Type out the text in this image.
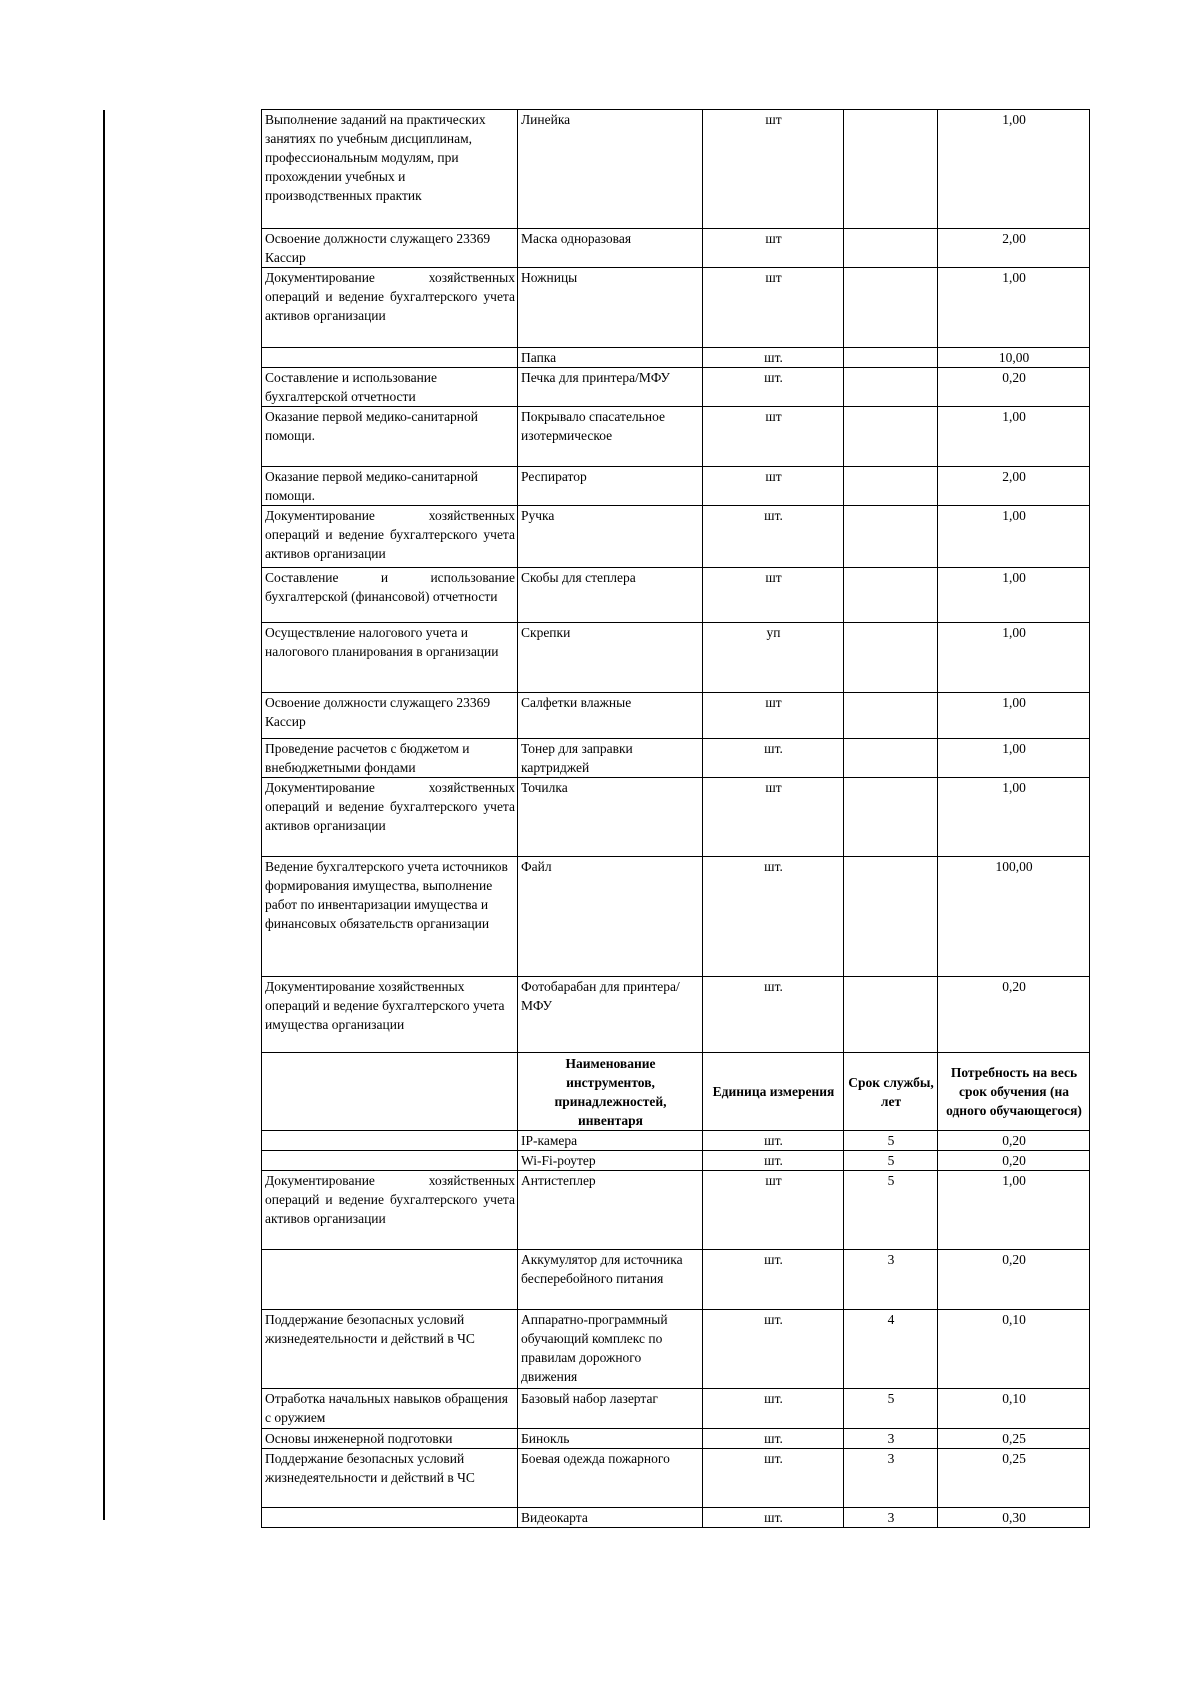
Выполнение заданий на практических занятиях по учебным дисциплинам, профессиональным модулям, при прохождении учебных и производственных практик	Линейка	шт		1,00
Освоение должности служащего 23369 Кассир	Маска одноразовая	шт		2,00
Документирование хозяйственных операций и ведение бухгалтерского учета активов организации	Ножницы	шт		1,00
	Папка	шт.		10,00
Составление и использование бухгалтерской отчетности	Печка для принтера/МФУ	шт.		0,20
Оказание первой медико-санитарной помощи.	Покрывало спасательное изотермическое	шт		1,00
Оказание первой медико-санитарной помощи.	Респиратор	шт		2,00
Документирование хозяйственных операций и ведение бухгалтерского учета активов организации	Ручка	шт.		1,00
Составление и использование бухгалтерской (финансовой) отчетности	Скобы для степлера	шт		1,00
Осуществление налогового учета и налогового планирования в организации	Скрепки	уп		1,00
Освоение должности служащего 23369 Кассир	Салфетки влажные	шт		1,00
Проведение расчетов с бюджетом и внебюджетными фондами	Тонер для заправки картриджей	шт.		1,00
Документирование хозяйственных операций и ведение бухгалтерского учета активов организации	Точилка	шт		1,00
Ведение бухгалтерского учета источников формирования имущества, выполнение работ по инвентаризации имущества и финансовых обязательств организации	Файл	шт.		100,00
Документирование хозяйственных операций и ведение бухгалтерского учета имущества организации	Фотобарабан для принтера/МФУ	шт.		0,20
	Наименование инструментов, принадлежностей, инвентаря	Единица измерения	Срок службы, лет	Потребность на весь срок обучения (на одного обучающегося)
	IP-камера	шт.	5	0,20
	Wi-Fi-роутер	шт.	5	0,20
Документирование хозяйственных операций и ведение бухгалтерского учета активов организации	Антистеплер	шт	5	1,00
	Аккумулятор для источника бесперебойного питания	шт.	3	0,20
Поддержание безопасных условий жизнедеятельности и действий в ЧС	Аппаратно-программный обучающий комплекс по правилам дорожного движения	шт.	4	0,10
Отработка начальных навыков обращения с оружием	Базовый набор лазертаг	шт.	5	0,10
Основы инженерной подготовки	Бинокль	шт.	3	0,25
Поддержание безопасных условий жизнедеятельности и действий в ЧС	Боевая одежда пожарного	шт.	3	0,25
	Видеокарта	шт.	3	0,30
